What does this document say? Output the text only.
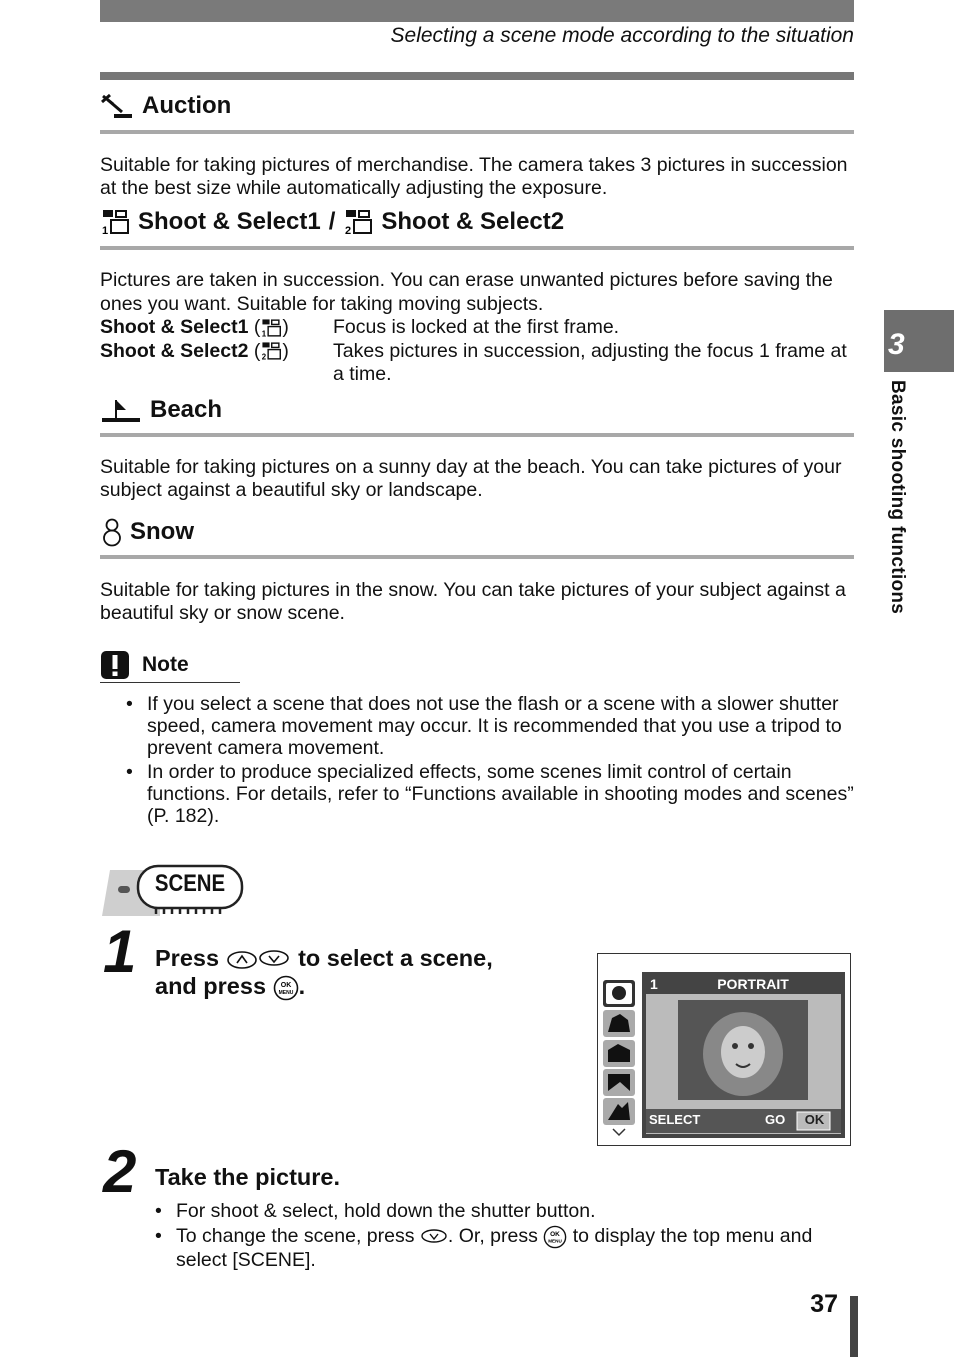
Selecting a scene mode according to the situation
Auction
Suitable for taking pictures of merchandise. The camera takes 3 pictures in succession at the best size while automatically adjusting the exposure.
1 Shoot & Select1 / 2 Shoot & Select2
Pictures are taken in succession. You can erase unwanted pictures before saving the ones you want. Suitable for taking moving subjects.
Shoot & Select1 ( 1 )	Focus is locked at the first frame.
Shoot & Select2 ( 2 )	Takes pictures in succession, adjusting the focus 1 frame at a time.
Beach
Suitable for taking pictures on a sunny day at the beach. You can take pictures of your subject against a beautiful sky or landscape.
Snow
Suitable for taking pictures in the snow. You can take pictures of your subject against a beautiful sky or snow scene.
Note
• If you select a scene that does not use the flash or a scene with a slower shutter speed, camera movement may occur. It is recommended that you use a tripod to prevent camera movement.
• In order to produce specialized effects, some scenes limit control of certain functions. For details, refer to “Functions available in shooting modes and scenes” (P. 182).
SCENE
1 Press	to select a scene,
and press OK
MENU .	1	PORTRAIT
SELECT	GO	OK
2 Take the picture.
• For shoot & select, hold down the shutter button.
• To change the scene, press . Or, press OK
MENU to display the top menu and select [SCENE].
3
Basic shooting functions
37
